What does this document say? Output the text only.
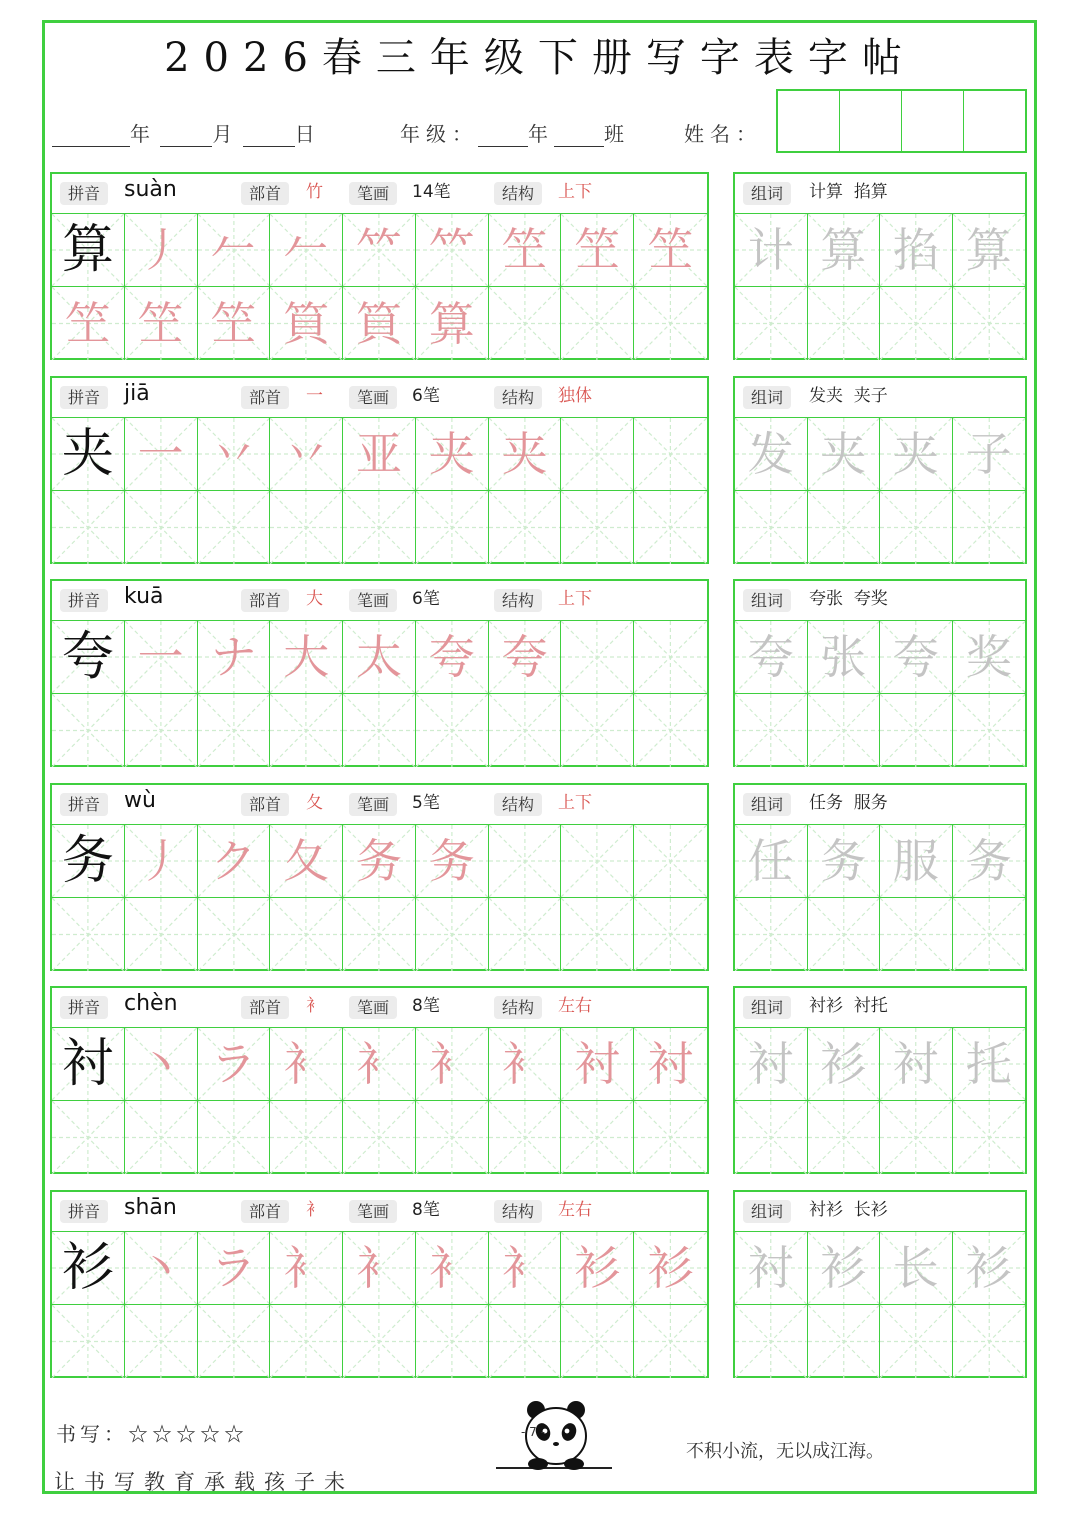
2026春三年级下册写字表字帖
年	月	日	年级：	年	班	姓名：
拼音	suàn	部首	竹	笔画	14笔	结构	上下
算 丿 𠂉 𠂉 𥫗 𥫗 笁 笁 笁
笁 笁 笁 筫 筫 算
组词	计算  掐算
计 算 掐 算
拼音	jiā	部首	一	笔画	6笔	结构	独体
夹 一 丷 丷 亚 夹 夹
组词	发夹  夹子
发 夹 夹 子
拼音	kuā	部首	大	笔画	6笔	结构	上下
夸 一 ナ 大 太 夸 夸
组词	夸张  夸奖
夸 张 夸 奖
拼音	wù	部首	夂	笔画	5笔	结构	上下
务 丿 ク 夂 务 务
组词	任务  服务
任 务 服 务
拼音	chèn	部首	衤	笔画	8笔	结构	左右
衬 丶 ラ 衤 衤 衤 衤 衬 衬
组词	衬衫  衬托
衬 衫 衬 托
拼音	shān	部首	衤	笔画	8笔	结构	左右
衫 丶 ラ 衤 衤 衤 衤 衫 衫
组词	衬衫  长衫
衬 衫 长 衫
书写：☆☆☆☆☆
让书写教育承载孩子未
不积小流，无以成江海。
- 7 -
